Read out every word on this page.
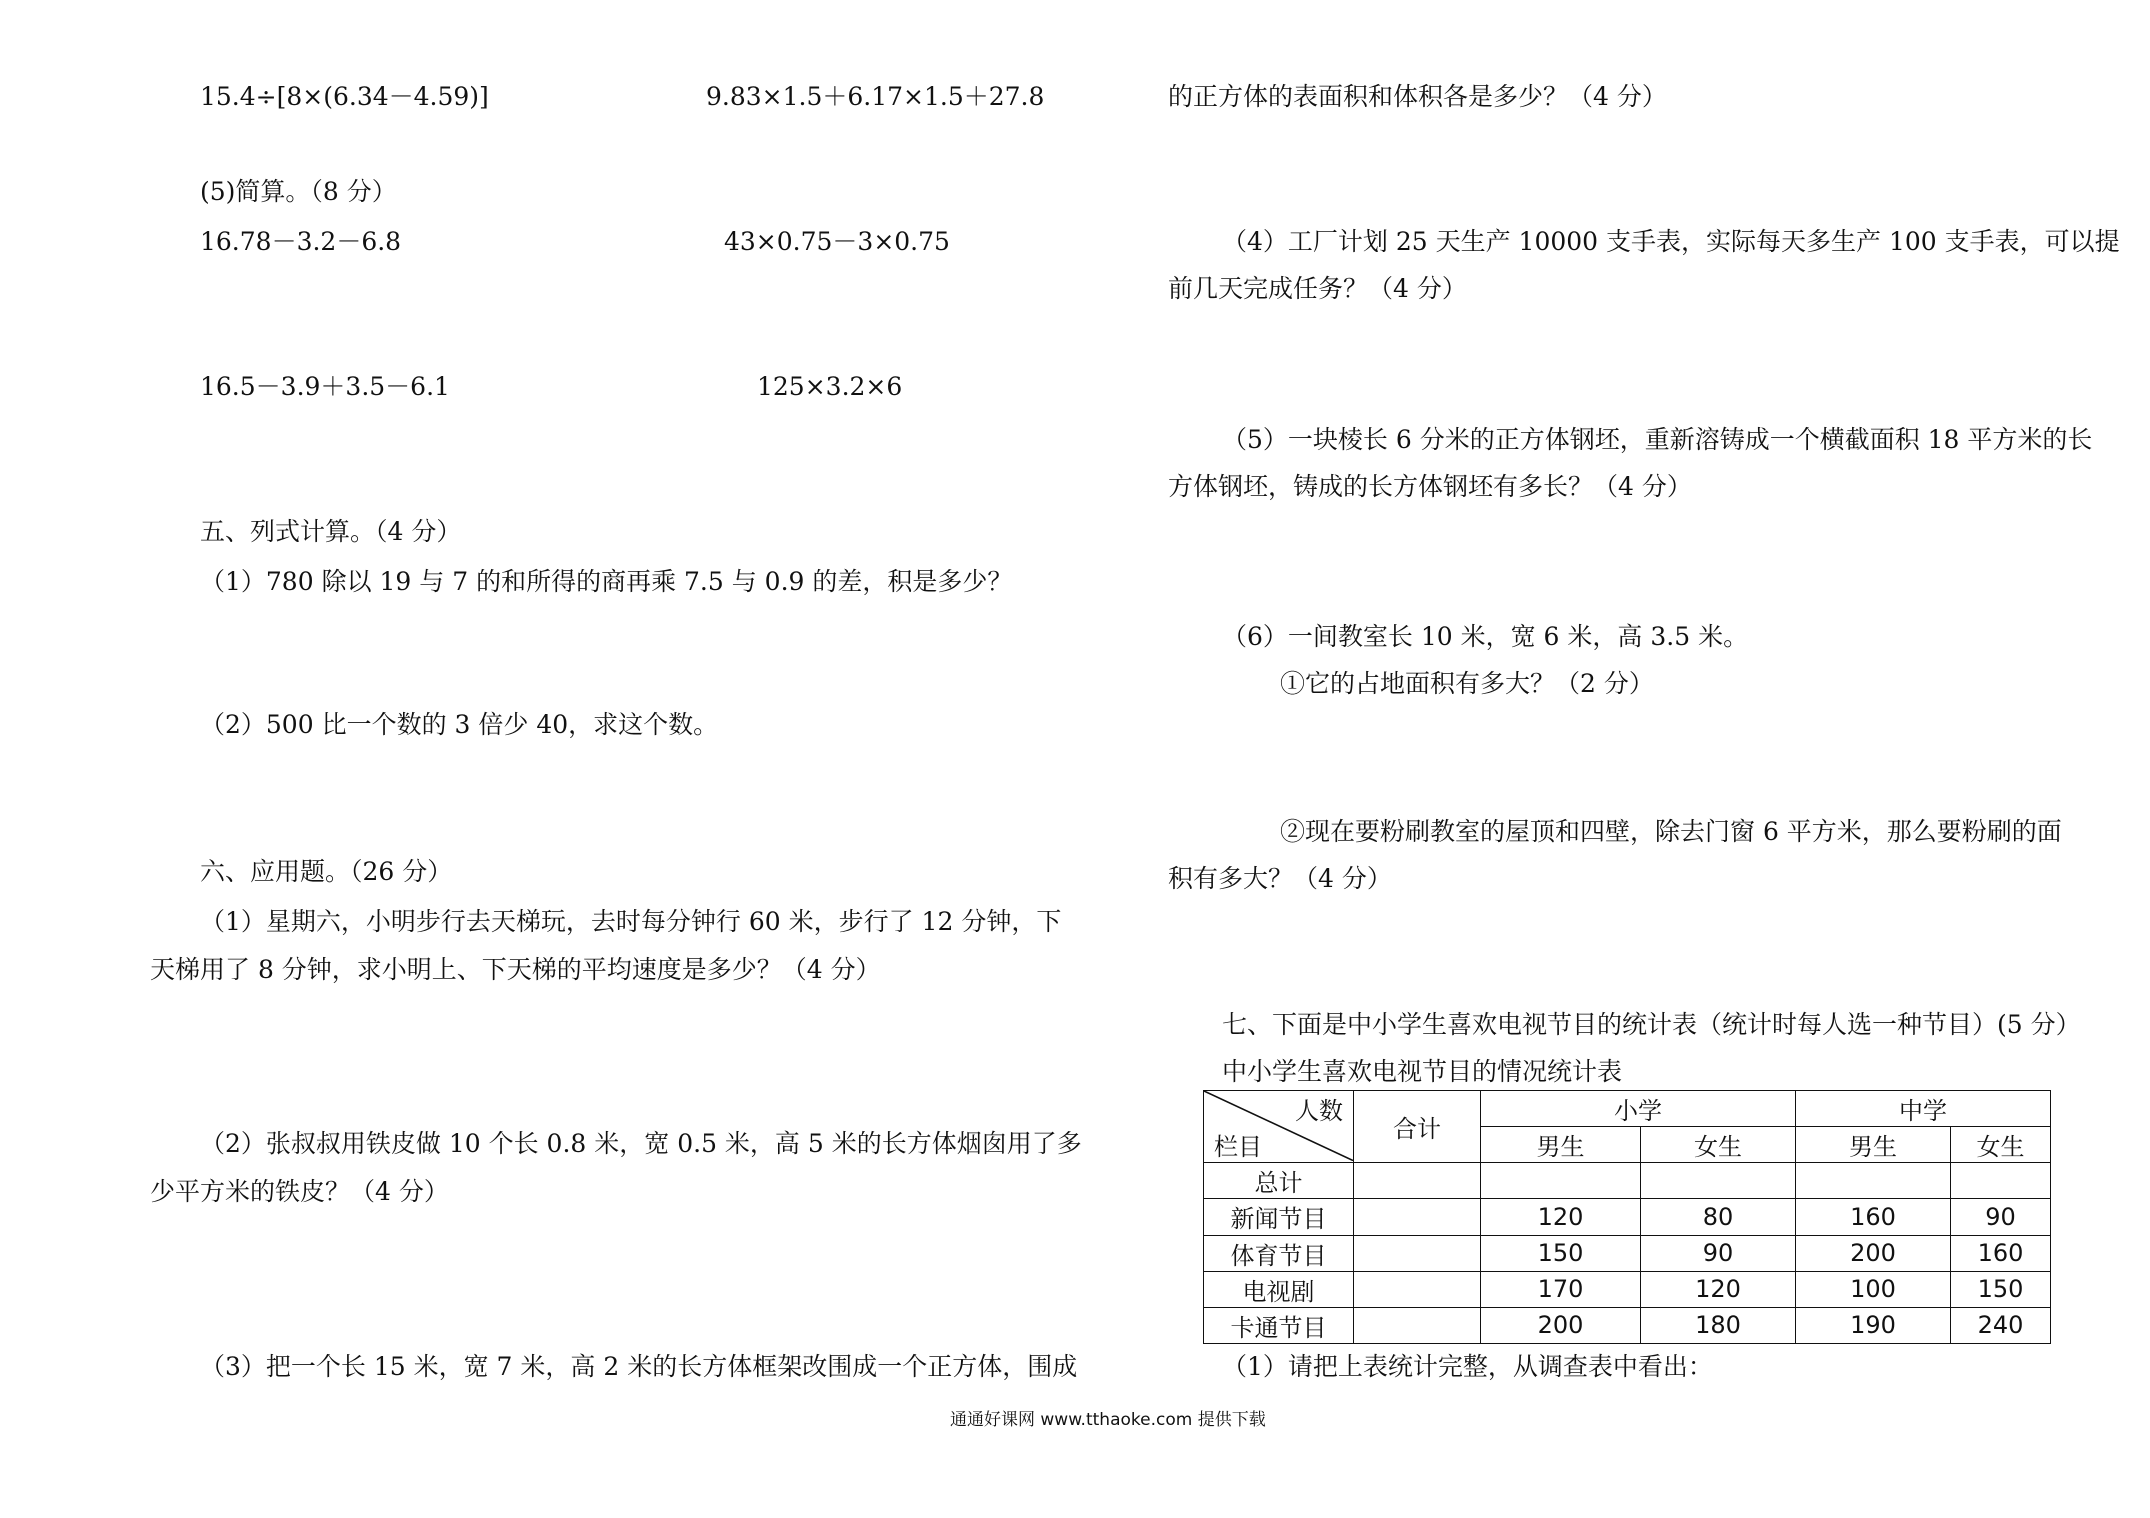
15.4÷[8×(6.34－4.59)]	9.83×1.5＋6.17×1.5＋27.8
(5)简算。（8 分）
16.78－3.2－6.8	43×0.75－3×0.75
16.5－3.9＋3.5－6.1	125×3.2×6
五、列式计算。（4 分）
（1）780 除以 19 与 7 的和所得的商再乘 7.5 与 0.9 的差，积是多少？
（2）500 比一个数的 3 倍少 40，求这个数。
六、应用题。（26 分）
（1）星期六，小明步行去天梯玩，去时每分钟行 60 米，步行了 12 分钟，下
天梯用了 8 分钟，求小明上、下天梯的平均速度是多少？（4 分）
（2）张叔叔用铁皮做 10 个长 0.8 米，宽 0.5 米，高 5 米的长方体烟囱用了多
少平方米的铁皮？（4 分）
（3）把一个长 15 米，宽 7 米，高 2 米的长方体框架改围成一个正方体，围成
的正方体的表面积和体积各是多少？（4 分）
（4）工厂计划 25 天生产 10000 支手表，实际每天多生产 100 支手表，可以提
前几天完成任务？（4 分）
（5）一块棱长 6 分米的正方体钢坯，重新溶铸成一个横截面积 18 平方米的长
方体钢坯，铸成的长方体钢坯有多长？（4 分）
（6）一间教室长 10 米，宽 6 米，高 3.5 米。
①它的占地面积有多大？（2 分）
②现在要粉刷教室的屋顶和四壁，除去门窗 6 平方米，那么要粉刷的面
积有多大？（4 分）
七、下面是中小学生喜欢电视节目的统计表（统计时每人选一种节目）(5 分）
中小学生喜欢电视节目的情况统计表
人数
栏目	合计	小学		中学	
		男生	女生	男生	女生
总计					
新闻节目		120	80	160	90
体育节目		150	90	200	160
电视剧		170	120	100	150
卡通节目		200	180	190	240
（1）请把上表统计完整，从调查表中看出：
通通好课网 www.tthaoke.com 提供下载
